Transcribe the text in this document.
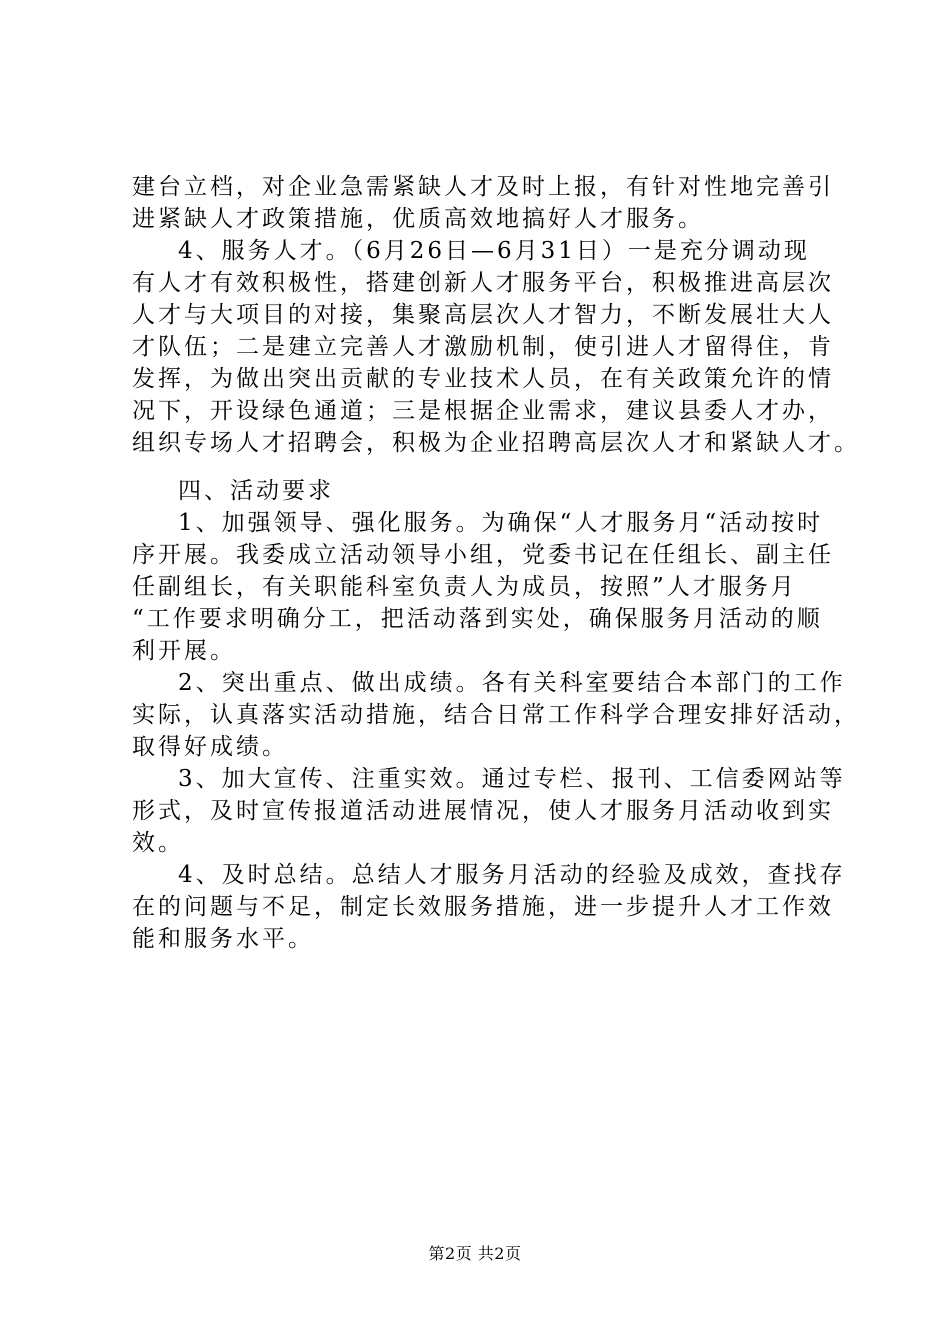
建台立档，对企业急需紧缺人才及时上报，有针对性地完善引
进紧缺人才政策措施，优质高效地搞好人才服务。
4、服务人才。（6月26日—6月31日）一是充分调动现
有人才有效积极性，搭建创新人才服务平台，积极推进高层次
人才与大项目的对接，集聚高层次人才智力，不断发展壮大人
才队伍；二是建立完善人才激励机制，使引进人才留得住，肯
发挥，为做出突出贡献的专业技术人员，在有关政策允许的情
况下，开设绿色通道；三是根据企业需求，建议县委人才办，
组织专场人才招聘会，积极为企业招聘高层次人才和紧缺人才。
四、活动要求
1、加强领导、强化服务。为确保“人才服务月“活动按时
序开展。我委成立活动领导小组，党委书记在任组长、副主任
任副组长，有关职能科室负责人为成员，按照”人才服务月
“工作要求明确分工，把活动落到实处，确保服务月活动的顺
利开展。
2、突出重点、做出成绩。各有关科室要结合本部门的工作
实际，认真落实活动措施，结合日常工作科学合理安排好活动，
取得好成绩。
3、加大宣传、注重实效。通过专栏、报刊、工信委网站等
形式，及时宣传报道活动进展情况，使人才服务月活动收到实
效。
4、及时总结。总结人才服务月活动的经验及成效，查找存
在的问题与不足，制定长效服务措施，进一步提升人才工作效
能和服务水平。
第2页 共2页
